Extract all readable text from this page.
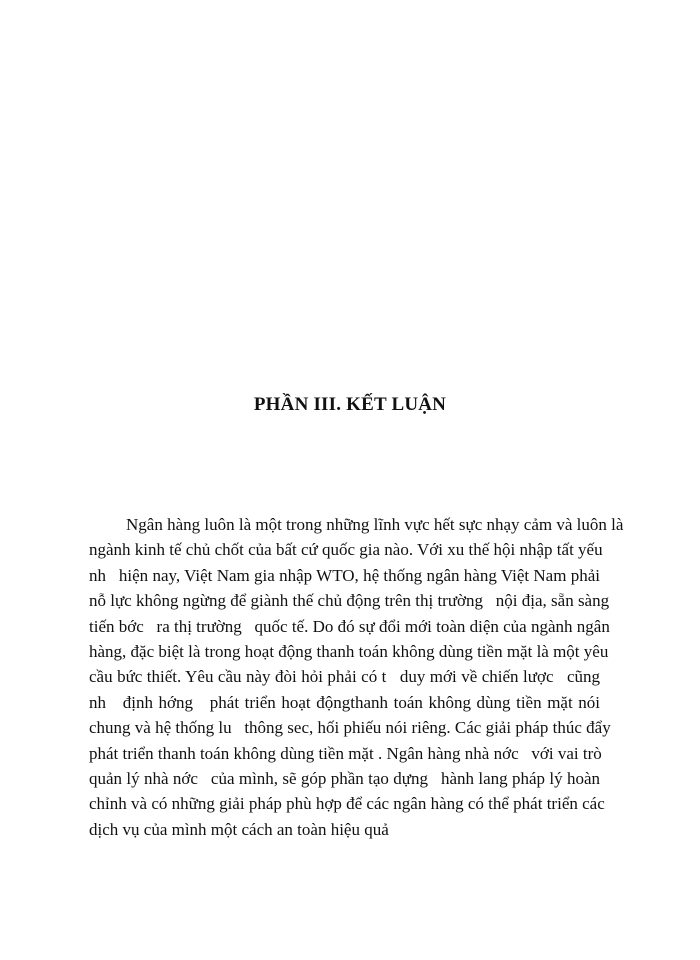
PHẦN III. KẾT LUẬN
Ngân hàng luôn là một trong những lĩnh vực hết sực nhạy cảm và luôn là
ngành kinh tế chủ chốt của bất cứ quốc gia nào. Với xu thế hội nhập tất yếu
nh   hiện nay, Việt Nam gia nhập WTO, hệ thống ngân hàng Việt Nam phải
nỗ lực không ngừng để giành thế chủ động trên thị trường   nội địa, sẵn sàng
tiến bớc   ra thị trường   quốc tế. Do đó sự đổi mới toàn diện của ngành ngân
hàng, đặc biệt là trong hoạt động thanh toán không dùng tiền mặt là một yêu
cầu bức thiết. Yêu cầu này đòi hỏi phải có t   duy mới về chiến lược   cũng
nh   định hớng   phát triển hoạt độngthanh toán không dùng tiền mặt nói
chung và hệ thống lu   thông sec, hối phiếu nói riêng. Các giải pháp thúc đẩy
phát triển thanh toán không dùng tiền mặt . Ngân hàng nhà nớc   với vai trò
quản lý nhà nớc   của mình, sẽ góp phần tạo dựng   hành lang pháp lý hoàn
chỉnh và có những giải pháp phù hợp để các ngân hàng có thể phát triển các
dịch vụ của mình một cách an toàn hiệu quả
